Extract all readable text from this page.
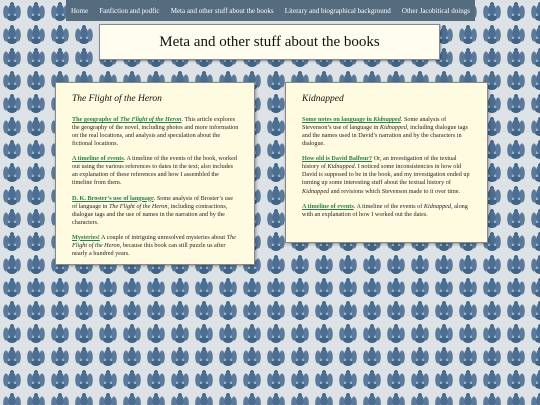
Home Fanfiction and podfic Meta and other stuff about the books Literary and biographical background Other Jacobitical doings
Meta and other stuff about the books
The Flight of the Heron

The geography of The Flight of the Heron. This article explores the geography of the novel, including photos and more information on the real locations, and analysis and speculation about the fictional locations.

A timeline of events. A timeline of the events of the book, worked out using the various references to dates in the text; also includes an explanation of these references and how I assembled the timeline from them.

D. K. Broster’s use of language. Some analysis of Broster’s use of language in The Flight of the Heron, including contractions, dialogue tags and the use of names in the narration and by the characters.

Mysteries! A couple of intriguing unresolved mysteries about The Flight of the Heron, because this book can still puzzle us after nearly a hundred years.

Kidnapped

Some notes on language in Kidnapped. Some analysis of Stevenson’s use of language in Kidnapped, including dialogue tags and the names used in David’s narration and by the characters in dialogue.

How old is David Balfour? Or, an investigation of the textual history of Kidnapped. I noticed some inconsistencies in how old David is supposed to be in the book, and my investigation ended up turning up some interesting stuff about the textual history of Kidnapped and revisions which Stevenson made to it over time.

A timeline of events. A timeline of the events of Kidnapped, along with an explanation of how I worked out the dates.
